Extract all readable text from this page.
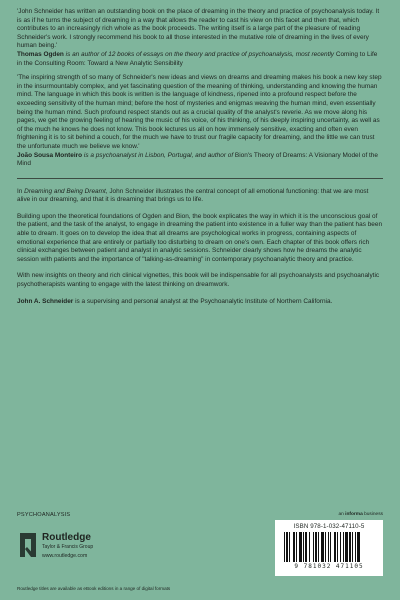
'John Schneider has written an outstanding book on the place of dreaming in the theory and practice of psychoanalysis today. It is as if he turns the subject of dreaming in a way that allows the reader to cast his view on this facet and then that, which contributes to an increasingly rich whole as the book proceeds. The writing itself is a large part of the pleasure of reading Schneider's work. I strongly recommend his book to all those interested in the mutative role of dreaming in the lives of every human being.'

Thomas Ogden is an author of 12 books of essays on the theory and practice of psychoanalysis, most recently Coming to Life in the Consulting Room: Toward a New Analytic Sensibility

'The inspiring strength of so many of Schneider's new ideas and views on dreams and dreaming makes his book a new key step in the insurmountably complex, and yet fascinating question of the meaning of thinking, understanding and knowing the human mind. The language in which this book is written is the language of kindness, ripened into a profound respect before the exceeding sensitivity of the human mind; before the host of mysteries and enigmas weaving the human mind, even essentially being the human mind. Such profound respect stands out as a crucial quality of the analyst's reverie. As we move along his pages, we get the growing feeling of hearing the music of his voice, of his thinking, of his deeply inspiring uncertainty, as well as of the much he knows he does not know. This book lectures us all on how immensely sensitive, exacting and often even frightening it is to sit behind a couch, for the much we have to trust our fragile capacity for dreaming, and the little we can trust the unfortunate much we believe we know.'

João Sousa Monteiro is a psychoanalyst in Lisbon, Portugal, and author of Bion's Theory of Dreams: A Visionary Model of the Mind

In Dreaming and Being Dreamt, John Schneider illustrates the central concept of all emotional functioning: that we are most alive in our dreaming, and that it is dreaming that brings us to life.

Building upon the theoretical foundations of Ogden and Bion, the book explicates the way in which it is the unconscious goal of the patient, and the task of the analyst, to engage in dreaming the patient into existence in a fuller way than the patient has been able to dream. It goes on to develop the idea that all dreams are psychological works in progress, containing aspects of emotional experience that are entirely or partially too disturbing to dream on one's own. Each chapter of this book offers rich clinical exchanges between patient and analyst in analytic sessions. Schneider clearly shows how he dreams the analytic session with patients and the importance of "talking-as-dreaming" in contemporary psychoanalytic theory and practice.

With new insights on theory and rich clinical vignettes, this book will be indispensable for all psychoanalysts and psychoanalytic psychotherapists wanting to engage with the latest thinking on dreamwork.

John A. Schneider is a supervising and personal analyst at the Psychoanalytic Institute of Northern California.

PSYCHOANALYSIS

Routledge
Taylor & Francis Group
www.routledge.com
an informa business

ISBN 978-1-032-47110-5

9 781032 471105

Routledge titles are available as eBook editions in a range of digital formats
